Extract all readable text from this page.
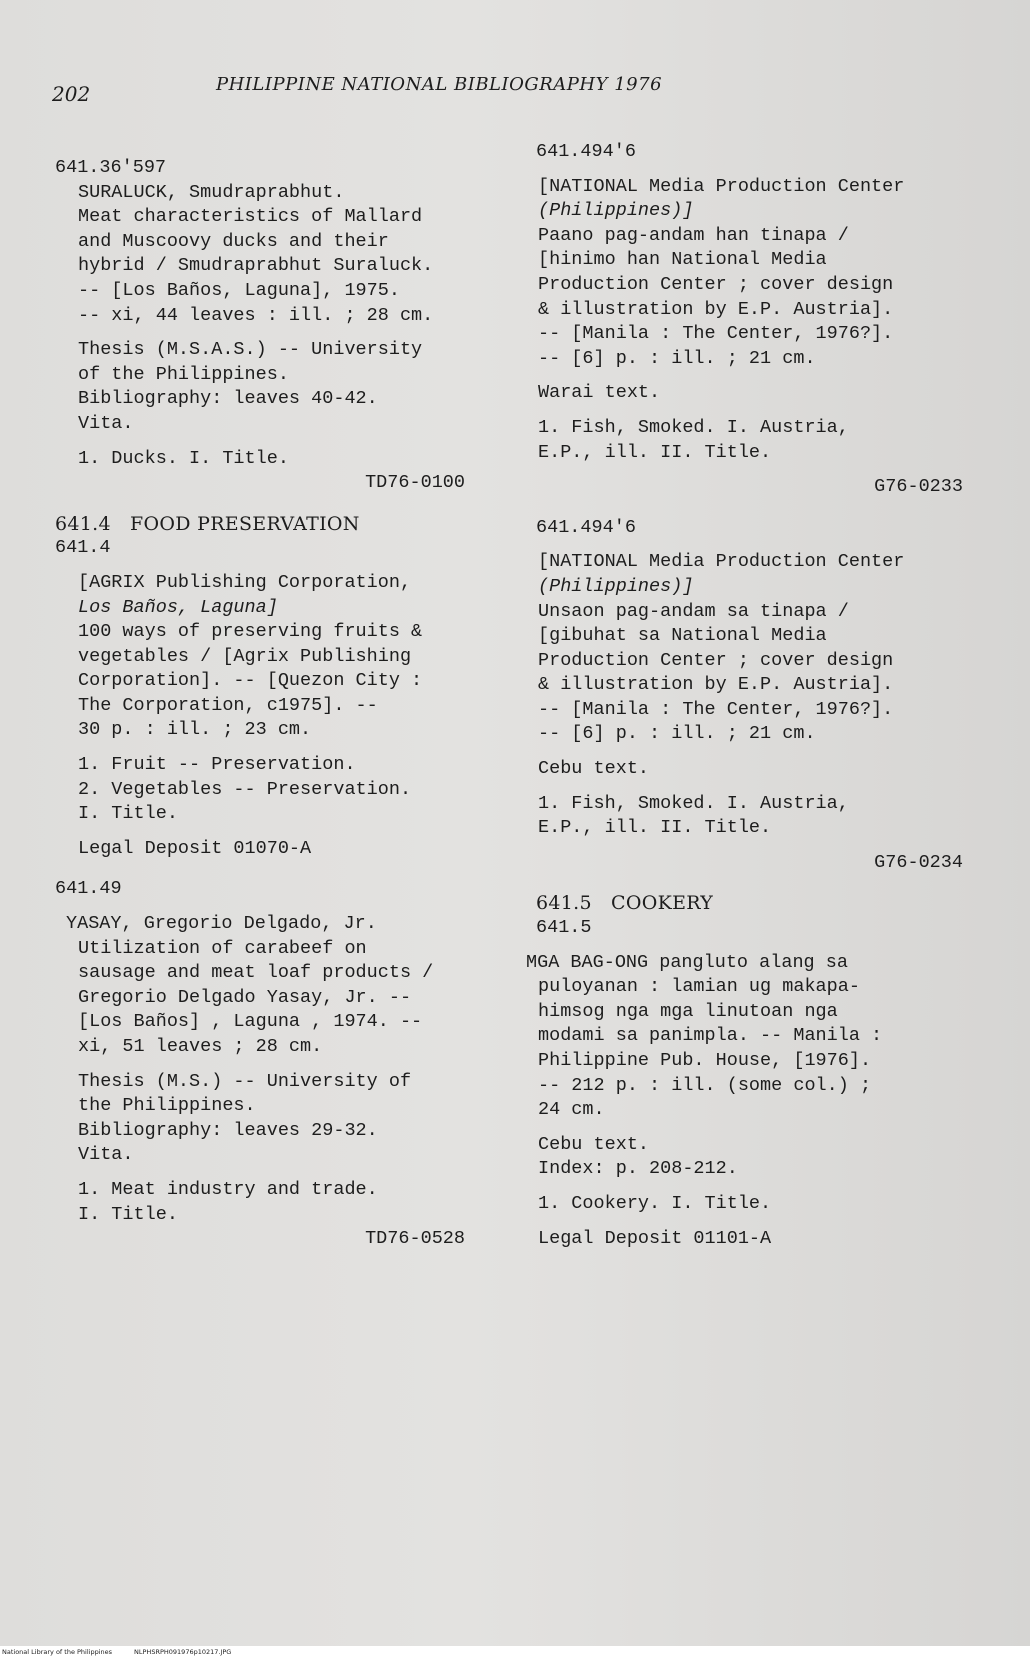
202	PHILIPPINE NATIONAL BIBLIOGRAPHY 1976
641.36'597
SURALUCK, Smudraprabhut.
Meat characteristics of Mallard
and Muscoovy ducks and their
hybrid / Smudraprabhut Suraluck.
-- [Los Baños, Laguna], 1975.
-- xi, 44 leaves : ill. ; 28 cm.
Thesis (M.S.A.S.) -- University
of the Philippines.
Bibliography: leaves 40-42.
Vita.
1. Ducks. I. Title.
TD76-0100
641.4 FOOD PRESERVATION
641.4
[AGRIX Publishing Corporation,
Los Baños, Laguna]
100 ways of preserving fruits &
vegetables / [Agrix Publishing
Corporation]. -- [Quezon City :
The Corporation, c1975]. --
30 p. : ill. ; 23 cm.
1. Fruit -- Preservation.
2. Vegetables -- Preservation.
I. Title.
Legal Deposit 01070-A
641.49
YASAY, Gregorio Delgado, Jr.
Utilization of carabeef on
sausage and meat loaf products /
Gregorio Delgado Yasay, Jr. --
[Los Baños] , Laguna , 1974. --
xi, 51 leaves ; 28 cm.
Thesis (M.S.) -- University of
the Philippines.
Bibliography: leaves 29-32.
Vita.
1. Meat industry and trade.
I. Title.
TD76-0528
641.494'6
[NATIONAL Media Production Center
(Philippines)]
Paano pag-andam han tinapa /
[hinimo han National Media
Production Center ; cover design
& illustration by E.P. Austria].
-- [Manila : The Center, 1976?].
-- [6] p. : ill. ; 21 cm.
Warai text.
1. Fish, Smoked. I. Austria,
E.P., ill. II. Title.
G76-0233
641.494'6
[NATIONAL Media Production Center
(Philippines)]
Unsaon pag-andam sa tinapa /
[gibuhat sa National Media
Production Center ; cover design
& illustration by E.P. Austria].
-- [Manila : The Center, 1976?].
-- [6] p. : ill. ; 21 cm.
Cebu text.
1. Fish, Smoked. I. Austria,
E.P., ill. II. Title.
G76-0234
641.5 COOKERY
641.5
MGA BAG-ONG pangluto alang sa
puloyanan : lamian ug makapa-
himsog nga mga linutoan nga
modami sa panimpla. -- Manila :
Philippine Pub. House, [1976].
-- 212 p. : ill. (some col.) ;
24 cm.
Cebu text.
Index: p. 208-212.
1. Cookery. I. Title.
Legal Deposit 01101-A
National Library of the Philippines	NLPHSRPH091976p10217.JPG
